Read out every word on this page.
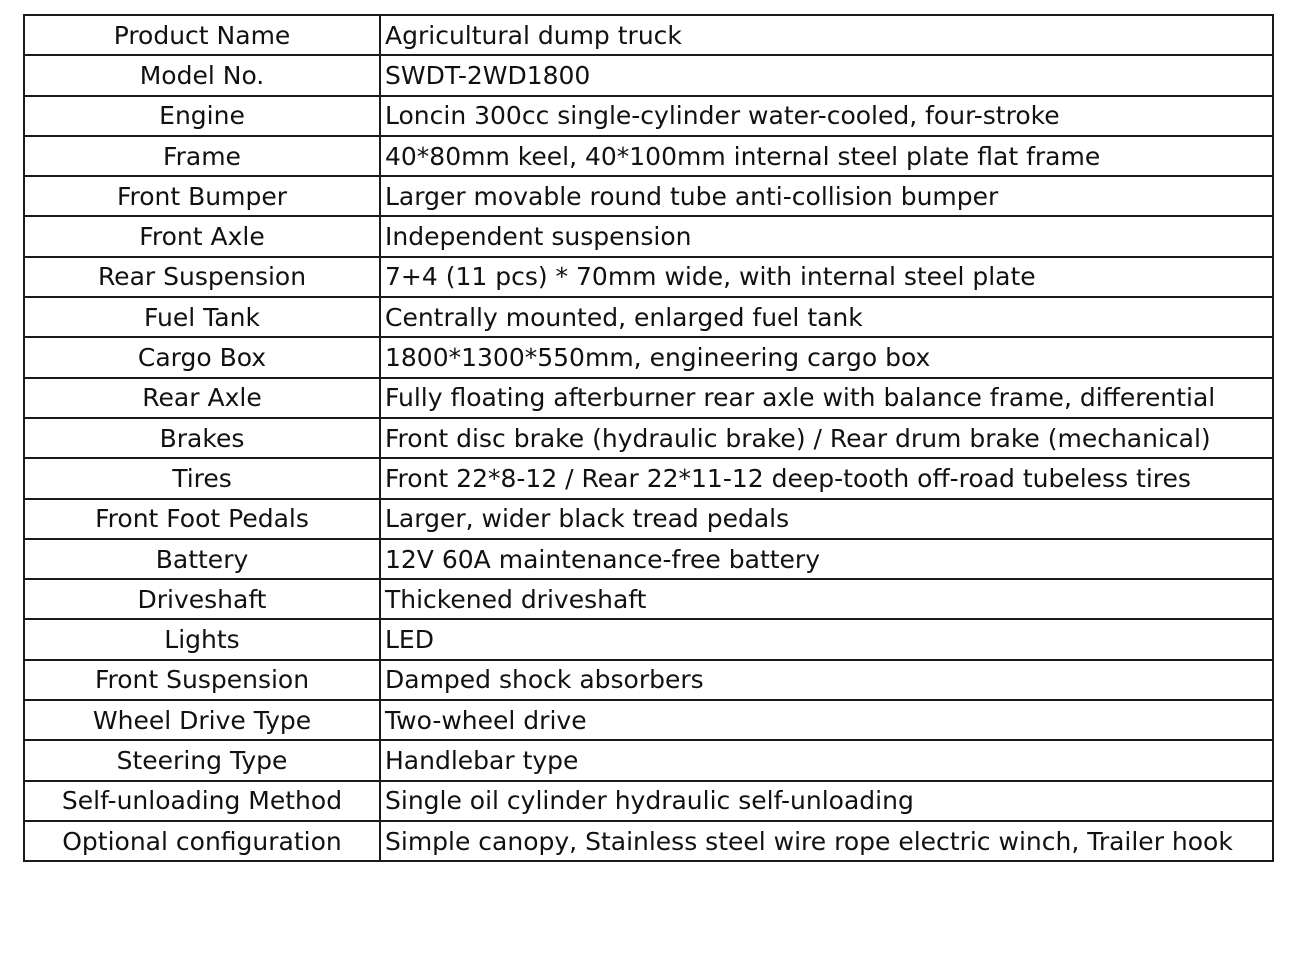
Product Name	Agricultural dump truck
Model No.	SWDT-2WD1800
Engine	Loncin 300cc single-cylinder water-cooled, four-stroke
Frame	40*80mm keel, 40*100mm internal steel plate flat frame
Front Bumper	Larger movable round tube anti-collision bumper
Front Axle	Independent suspension
Rear Suspension	7+4 (11 pcs) * 70mm wide, with internal steel plate
Fuel Tank	Centrally mounted, enlarged fuel tank
Cargo Box	1800*1300*550mm, engineering cargo box
Rear Axle	Fully floating afterburner rear axle with balance frame, differential
Brakes	Front disc brake (hydraulic brake) / Rear drum brake (mechanical)
Tires	Front 22*8-12 / Rear 22*11-12 deep-tooth off-road tubeless tires
Front Foot Pedals	Larger, wider black tread pedals
Battery	12V 60A maintenance-free battery
Driveshaft	Thickened driveshaft
Lights	LED
Front Suspension	Damped shock absorbers
Wheel Drive Type	Two-wheel drive
Steering Type	Handlebar type
Self-unloading Method	Single oil cylinder hydraulic self-unloading
Optional configuration	Simple canopy, Stainless steel wire rope electric winch, Trailer hook
